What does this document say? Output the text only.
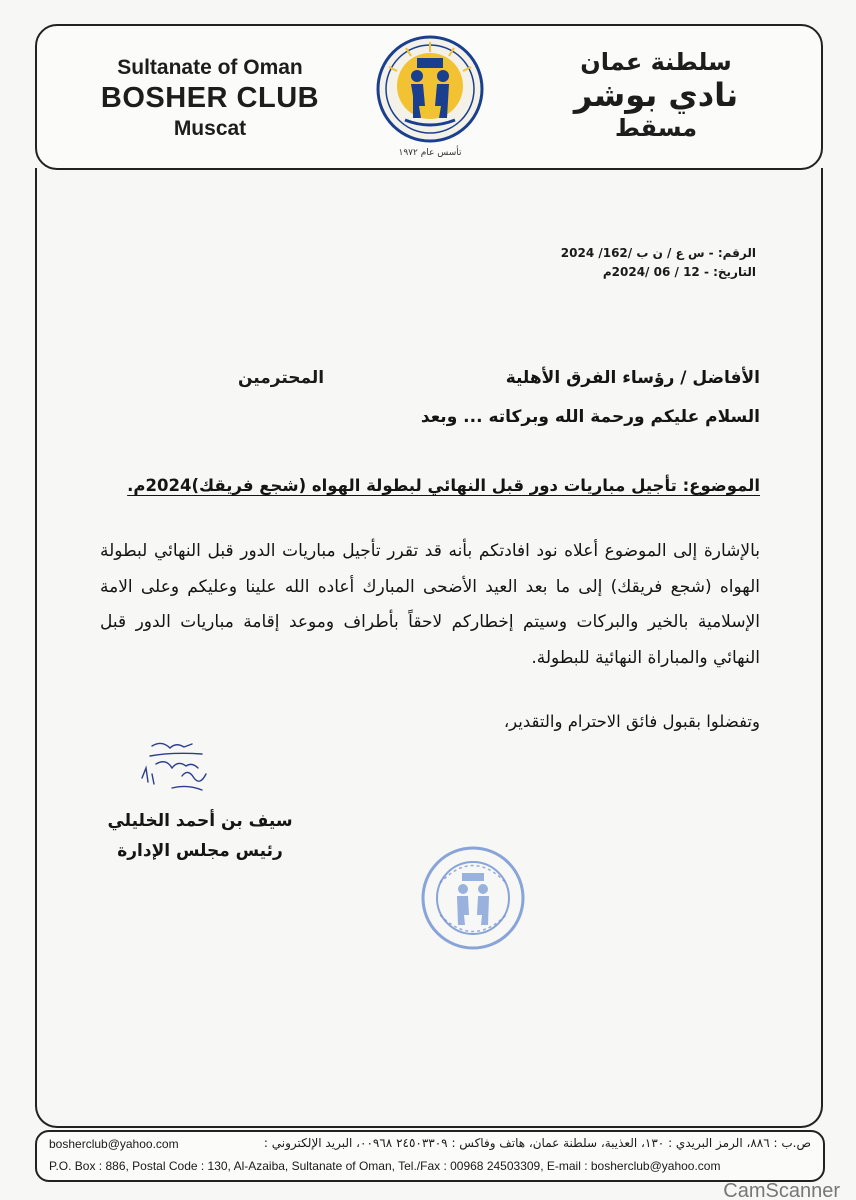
Sultanate of Oman
BOSHER CLUB
Muscat
سلطنة عمان
نادي بوشر
مسقط
تأسس عام ١٩٧٢
الرقم: - س ع / ن ب /162/ 2024
التاريخ: - 12 / 06 /2024م
الأفاضل / رؤساء الفرق الأهلية
المحترمين
السلام عليكم ورحمة الله وبركاته ... وبعد
الموضوع: تأجيل مباريات دور قبل النهائي لبطولة الهواه (شجع فريقك)2024م.
بالإشارة إلى الموضوع أعلاه نود افادتكم بأنه قد تقرر تأجيل مباريات الدور قبل النهائي لبطولة الهواه (شجع فريقك) إلى ما بعد العيد الأضحى المبارك أعاده الله علينا وعليكم وعلى الامة الإسلامية بالخير والبركات وسيتم إخطاركم لاحقاً بأطراف وموعد إقامة مباريات الدور قبل النهائي والمباراة النهائية للبطولة.
وتفضلوا بقبول فائق الاحترام والتقدير،
سيف بن أحمد الخليلي
رئيس مجلس الإدارة
ص.ب : ٨٨٦، الرمز البريدي : ١٣٠، العذيبة، سلطنة عمان، هاتف وفاكس : ٢٤٥٠٣٣٠٩ ٠٠٩٦٨، البريد الإلكتروني :
bosherclub@yahoo.com
P.O. Box : 886, Postal Code : 130, Al-Azaiba, Sultanate of Oman, Tel./Fax : 00968 24503309, E-mail : bosherclub@yahoo.com
CamScanner
